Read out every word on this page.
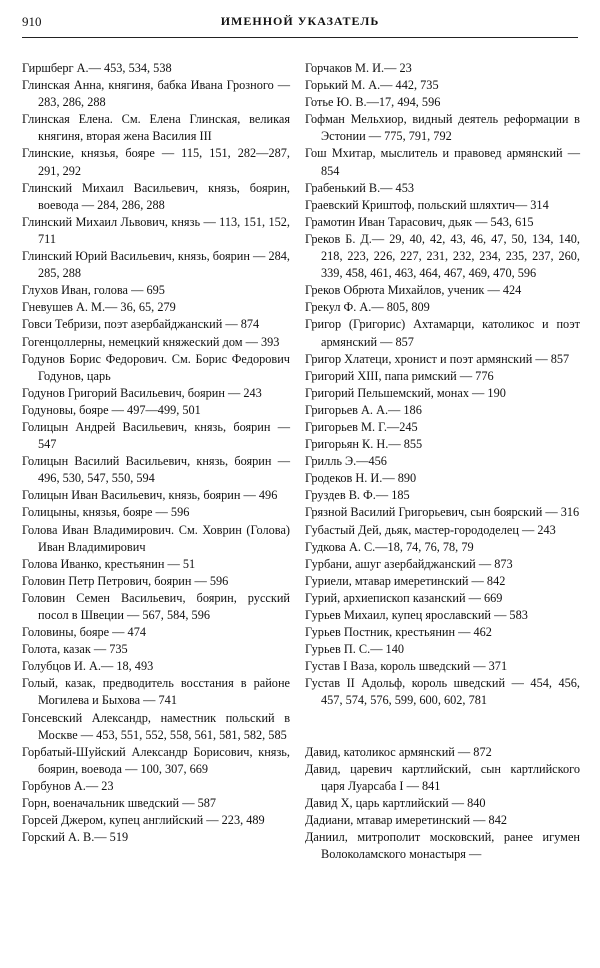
910	ИМЕННОЙ УКАЗАТЕЛЬ

Гиршберг А.— 453, 534, 538

Глинская Анна, княгиня, бабка Ивана Грозного — 283, 286, 288

Глинская Елена. См. Елена Глинская, великая княгиня, вторая жена Василия III

Глинские, князья, бояре — 115, 151, 282—287, 291, 292

Глинский Михаил Васильевич, князь, боярин, воевода — 284, 286, 288

Глинский Михаил Львович, князь — 113, 151, 152, 711

Глинский Юрий Васильевич, князь, боярин — 284, 285, 288

Глухов Иван, голова — 695

Гневушев А. М.— 36, 65, 279

Говси Тебризи, поэт азербайджанский — 874

Гогенцоллерны, немецкий княжеский дом — 393

Годунов Борис Федорович. См. Борис Федорович Годунов, царь

Годунов Григорий Васильевич, боярин — 243

Годуновы, бояре — 497—499, 501

Голицын Андрей Васильевич, князь, боярин — 547

Голицын Василий Васильевич, князь, боярин — 496, 530, 547, 550, 594

Голицын Иван Васильевич, князь, боярин — 496

Голицыны, князья, бояре — 596

Голова Иван Владимирович. См. Ховрин (Голова) Иван Владимирович

Голова Иванко, крестьянин — 51

Головин Петр Петрович, боярин — 596

Головин Семен Васильевич, боярин, русский посол в Швеции — 567, 584, 596

Головины, бояре — 474

Голота, казак — 735

Голубцов И. А.— 18, 493

Голый, казак, предводитель восстания в районе Могилева и Быхова — 741

Гонсевский Александр, наместник польский в Москве — 453, 551, 552, 558, 561, 581, 582, 585

Горбатый-Шуйский Александр Борисович, князь, боярин, воевода — 100, 307, 669

Горбунов А.— 23

Горн, военачальник шведский — 587

Горсей Джером, купец английский — 223, 489

Горский А. В.— 519

Горчаков М. И.— 23

Горький М. А.— 442, 735

Готье Ю. В.—17, 494, 596

Гофман Мельхиор, видный деятель реформации в Эстонии — 775, 791, 792

Гош Мхитар, мыслитель и правовед армянский — 854

Грабенький В.— 453

Граевский Криштоф, польский шляхтич— 314

Грамотин Иван Тарасович, дьяк — 543, 615

Греков Б. Д.— 29, 40, 42, 43, 46, 47, 50, 134, 140, 218, 223, 226, 227, 231, 232, 234, 235, 237, 260, 339, 458, 461, 463, 464, 467, 469, 470, 596

Греков Обрюта Михайлов, ученик — 424

Грекул Ф. А.— 805, 809

Григор (Григорис) Ахтамарци, католикос и поэт армянский — 857

Григор Хлатеци, хронист и поэт армянский — 857

Григорий XIII, папа римский — 776

Григорий Пельшемский, монах — 190

Григорьев А. А.— 186

Григорьев М. Г.—245

Григорьян К. Н.— 855

Грилль Э.—456

Гродеков Н. И.— 890

Груздев В. Ф.— 185

Грязной Василий Григорьевич, сын боярский — 316

Губастый Дей, дьяк, мастер-горододелец — 243

Гудкова А. С.—18, 74, 76, 78, 79

Гурбани, ашуг азербайджанский — 873

Гуриели, мтавар имеретинский — 842

Гурий, архиепископ казанский — 669

Гурьев Михаил, купец ярославский — 583

Гурьев Постник, крестьянин — 462

Гурьев П. С.— 140

Густав I Ваза, король шведский — 371

Густав II Адольф, король шведский — 454, 456, 457, 574, 576, 599, 600, 602, 781

Давид, католикос армянский — 872

Давид, царевич картлийский, сын картлийского царя Луарсаба I — 841

Давид X, царь картлийский — 840

Дадиани, мтавар имеретинский — 842

Даниил, митрополит московский, ранее игумен Волоколамского монастыря —
